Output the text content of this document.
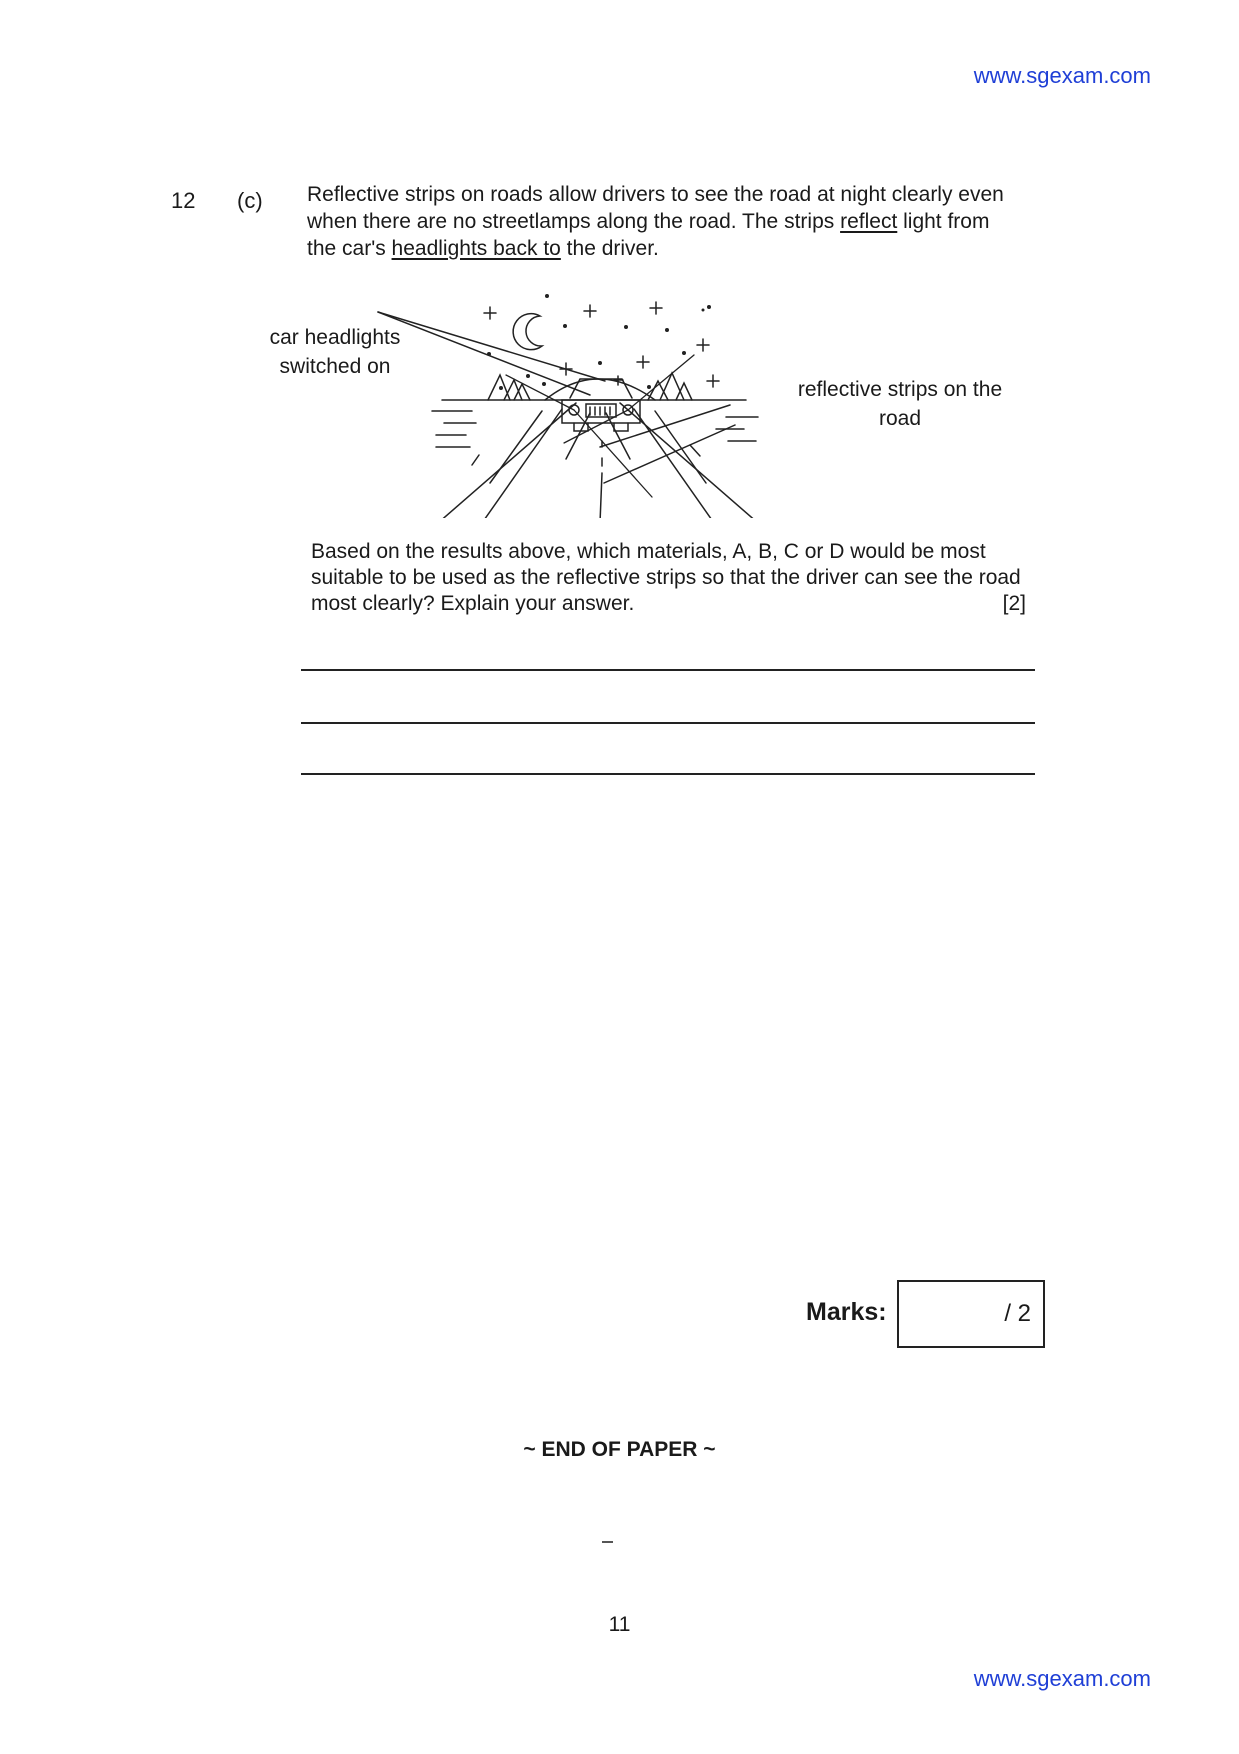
www.sgexam.com
12 (c) Reflective strips on roads allow drivers to see the road at night clearly even when there are no streetlamps along the road. The strips reflect light from the car's headlights back to the driver.
car headlights switched on
reflective strips on the road
Based on the results above, which materials, A, B, C or D would be most suitable to be used as the reflective strips so that the driver can see the road most clearly? Explain your answer.	[2]
Marks:	/ 2
~ END OF PAPER ~
11
www.sgexam.com
